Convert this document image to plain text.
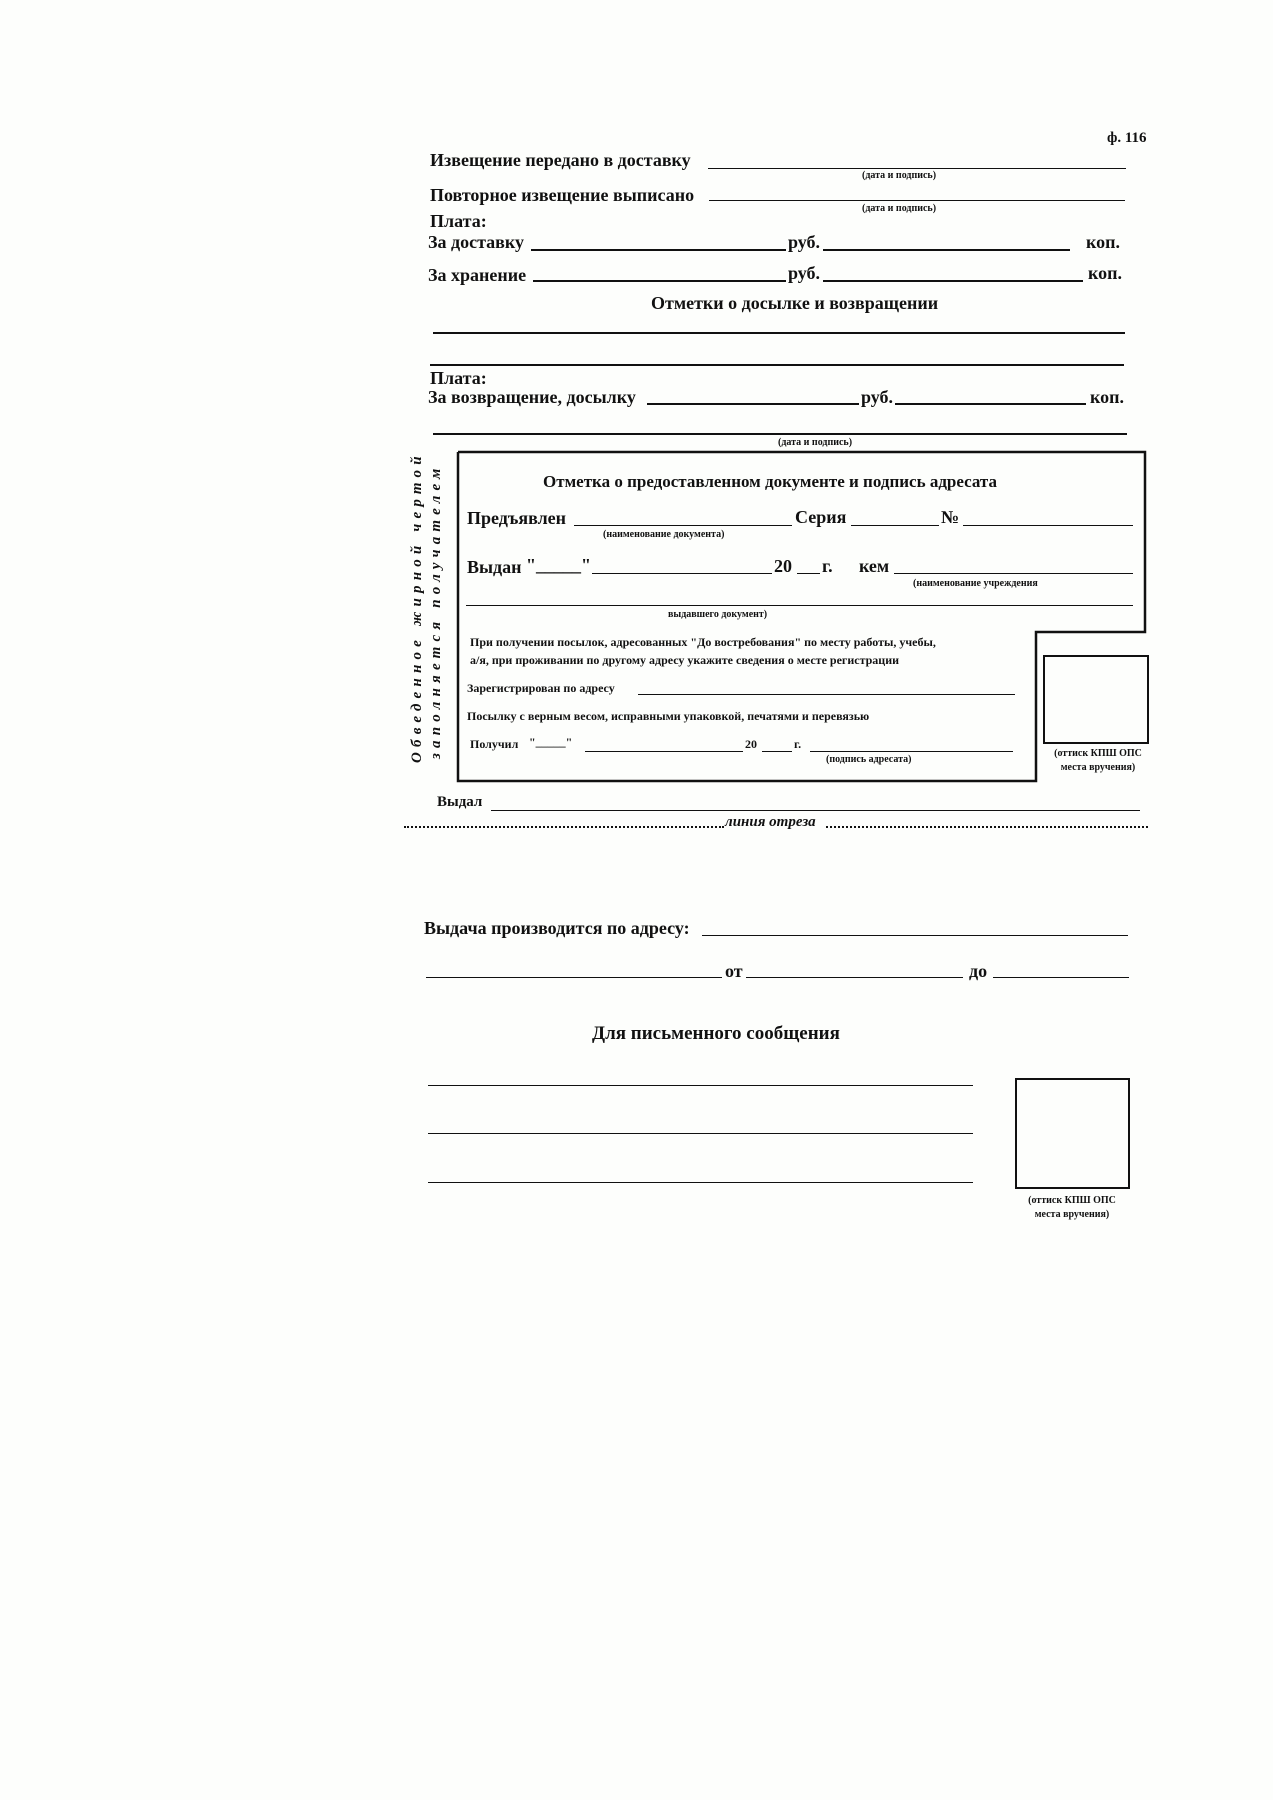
ф. 116
Извещение передано в доставку
(дата и подпись)
Повторное извещение выписано
(дата и подпись)
Плата:
За доставку	руб.	коп.
За хранение	руб.	коп.
Отметки о досылке и возвращении
Плата:
За возвращение, досылку	руб.	коп.
(дата и подпись)
Обведенное жирной чертой заполняется получателем	Отметка о предоставленном документе и подпись адресата
Предъявлен	Серия	№
(наименование документа)
Выдан "_____"	20 г. кем
(наименование учреждения
выдавшего документ)
При получении посылок, адресованных "До востребования" по месту работы, учебы,
а/я, при проживании по другому адресу укажите сведения о месте регистрации
Зарегистрирован по адресу
Посылку с верным весом, исправными упаковкой, печатями и перевязью
Получил "_____"	20	г.
(подпись адресата)
(оттиск КПШ ОПС
места вручения)
Выдал
линия отреза
Выдача производится по адресу:
от	до
Для письменного сообщения
(оттиск КПШ ОПС
места вручения)
